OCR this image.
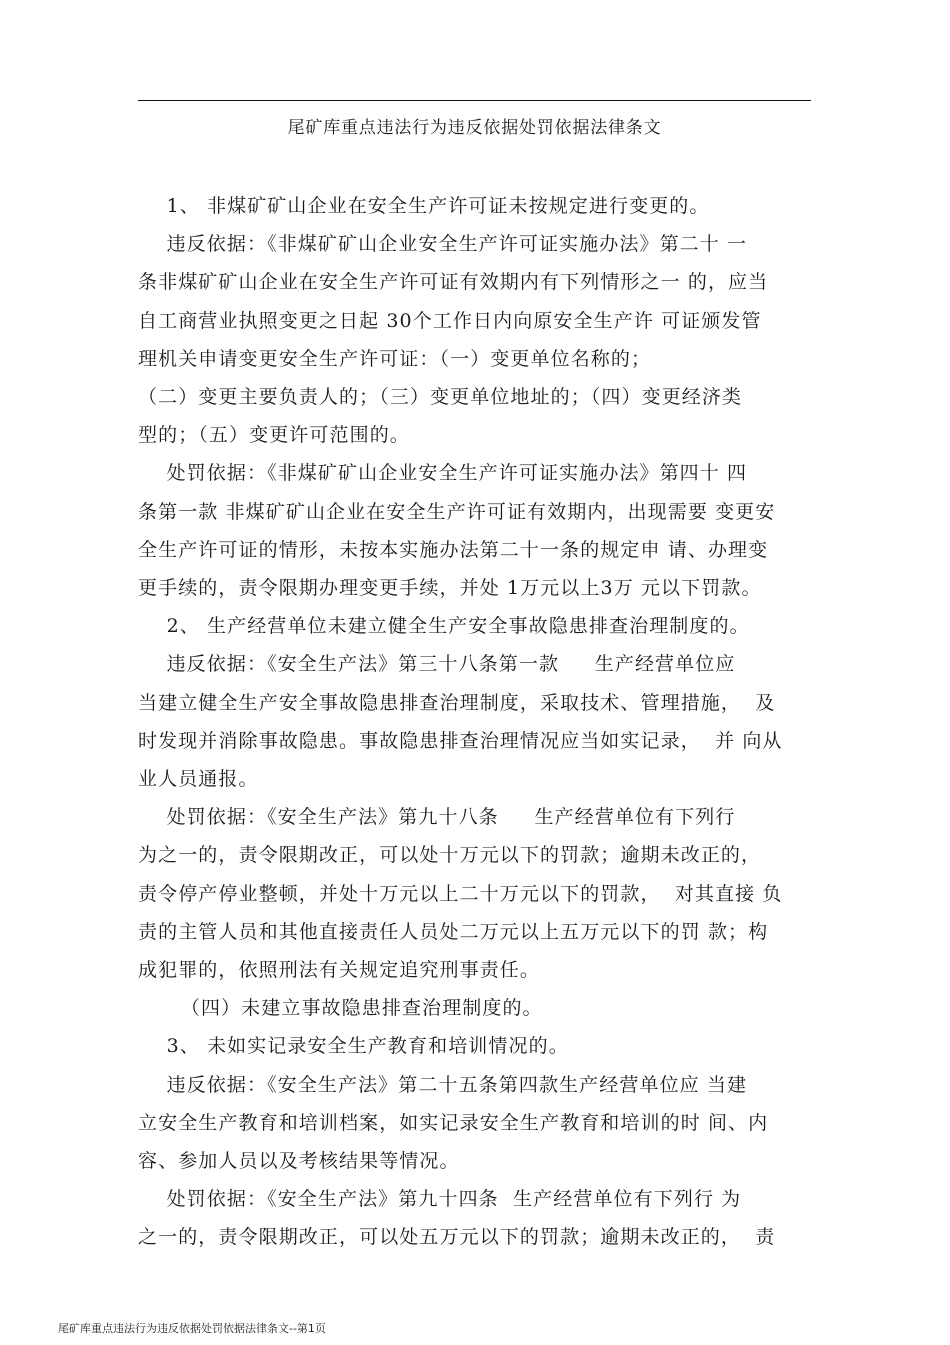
尾矿库重点违法行为违反依据处罚依据法律条文

1、 非煤矿矿山企业在安全生产许可证未按规定进行变更的。

违反依据：《非煤矿矿山企业安全生产许可证实施办法》第二十 一

条非煤矿矿山企业在安全生产许可证有效期内有下列情形之一 的，应当

自工商营业执照变更之日起 30个工作日内向原安全生产许 可证颁发管

理机关申请变更安全生产许可证：（一）变更单位名称的；

（二）变更主要负责人的；（三）变更单位地址的；（四）变更经济类

型的；（五）变更许可范围的。

处罚依据：《非煤矿矿山企业安全生产许可证实施办法》第四十 四

条第一款 非煤矿矿山企业在安全生产许可证有效期内，出现需要 变更安

全生产许可证的情形，未按本实施办法第二十一条的规定申 请、办理变

更手续的，责令限期办理变更手续，并处 1万元以上3万 元以下罚款。

2、 生产经营单位未建立健全生产安全事故隐患排查治理制度的。

违反依据：《安全生产法》第三十八条第一款     生产经营单位应

当建立健全生产安全事故隐患排查治理制度，采取技术、管理措施，  及

时发现并消除事故隐患。事故隐患排查治理情况应当如实记录，  并 向从

业人员通报。

处罚依据：《安全生产法》第九十八条     生产经营单位有下列行

为之一的，责令限期改正，可以处十万元以下的罚款；逾期未改正的，

责令停产停业整顿，并处十万元以上二十万元以下的罚款，  对其直接 负

责的主管人员和其他直接责任人员处二万元以上五万元以下的罚 款；构

成犯罪的，依照刑法有关规定追究刑事责任。

（四）未建立事故隐患排查治理制度的。

3、 未如实记录安全生产教育和培训情况的。

违反依据：《安全生产法》第二十五条第四款生产经营单位应 当建

立安全生产教育和培训档案，如实记录安全生产教育和培训的时 间、内

容、参加人员以及考核结果等情况。

处罚依据：《安全生产法》第九十四条  生产经营单位有下列行 为

之一的，责令限期改正，可以处五万元以下的罚款；逾期未改正的，  责

尾矿库重点违法行为违反依据处罚依据法律条文--第1页
